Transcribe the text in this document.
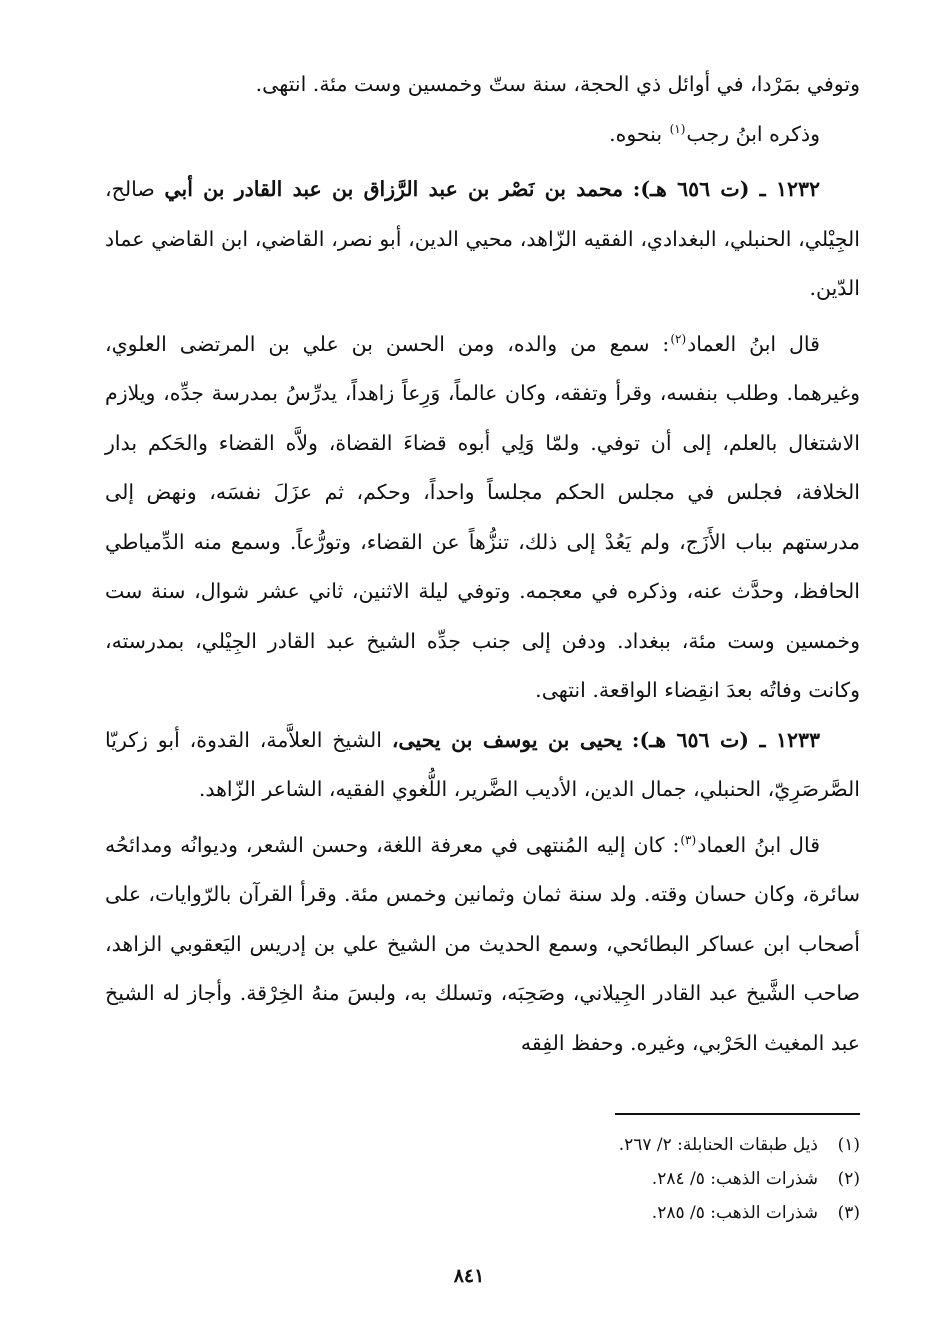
وتوفي بمَرْدا، في أوائل ذي الحجة، سنة ستّ وخمسين وست مئة. انتهى.

وذكره ابنُ رجب$^{(١)}$ بنحوه.

١٢٣٢ ـ (ت ٦٥٦ هـ): محمد بن نَصْر بن عبد الرَّزاق بن عبد القادر بن أبي صالح، الجِيْلي، الحنبلي، البغدادي، الفقيه الزّاهد، محيي الدين، أبو نصر، القاضي، ابن القاضي عماد الدّين.

قال ابنُ العماد$^{(٢)}$: سمع من والده، ومن الحسن بن علي بن المرتضى العلوي، وغيرهما. وطلب بنفسه، وقرأ وتفقه، وكان عالماً، وَرِعاً زاهداً، يدرِّسُ بمدرسة جدِّه، ويلازم الاشتغال بالعلم، إلى أن توفي. ولمّا وَلِي أبوه قضاءَ القضاة، ولاَّه القضاء والحَكم بدار الخلافة، فجلس في مجلس الحكم مجلساً واحداً، وحكم، ثم عزَلَ نفسَه، ونهض إلى مدرستهم بباب الأَزَج، ولم يَعُدْ إلى ذلك، تنزُّهاً عن القضاء، وتورُّعاً. وسمع منه الدِّمياطي الحافظ، وحدَّث عنه، وذكره في معجمه. وتوفي ليلة الاثنين، ثاني عشر شوال، سنة ست وخمسين وست مئة، ببغداد. ودفن إلى جنب جدِّه الشيخ عبد القادر الجِيْلي، بمدرسته، وكانت وفاتُه بعدَ انقِضاء الواقعة. انتهى.

١٢٣٣ ـ (ت ٦٥٦ هـ): يحيى بن يوسف بن يحيى، الشيخ العلاَّمة، القدوة، أبو زكريّا الصَّرصَرِيّ، الحنبلي، جمال الدين، الأديب الضَّرير، اللُّغوي الفقيه، الشاعر الزّاهد.

قال ابنُ العماد$^{(٣)}$: كان إليه المُنتهى في معرفة اللغة، وحسن الشعر، وديوانُه ومدائحُه سائرة، وكان حسان وقته. ولد سنة ثمان وثمانين وخمس مئة. وقرأ القرآن بالرّوايات، على أصحاب ابن عساكر البطائحي، وسمع الحديث من الشيخ علي بن إدريس اليَعقوبي الزاهد، صاحب الشَّيخ عبد القادر الجِيلاني، وصَحِبَه، وتسلك به، ولبسَ منهُ الخِرْقة. وأجاز له الشيخ عبد المغيث الحَرْبي، وغيره. وحفظ الفِقه

(١)ذيل طبقات الحنابلة: ٢/ ٢٦٧.
(٢)شذرات الذهب: ٥/ ٢٨٤.
(٣)شذرات الذهب: ٥/ ٢٨٥.
٨٤١
